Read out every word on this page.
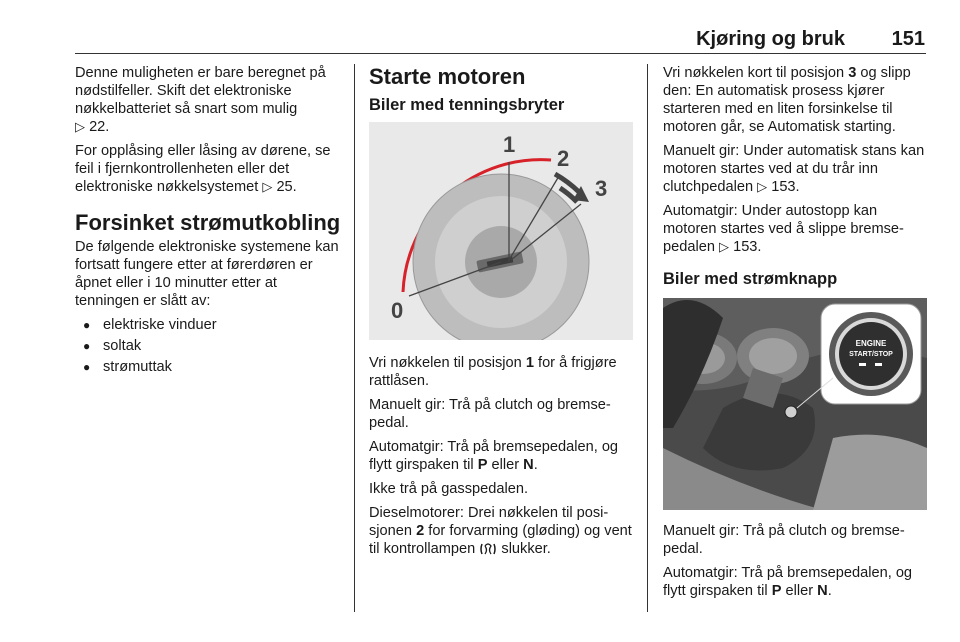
Kjøring og bruk 151

Denne muligheten er bare beregnet på nødstilfeller. Skift det elektroniske nøkkelbatteriet så snart som mulig
▷ 22.

For opplåsing eller låsing av dørene, se feil i fjernkontrollenheten eller det elektroniske nøkkelsystemet ▷ 25.

Forsinket strømutkobling

De følgende elektroniske systemene kan fortsatt fungere etter at førerdøren er åpnet eller i 10 minutter etter at tenningen er slått av:

● elektriske vinduer
● soltak
● strømuttak
Starte motoren
Biler med tenningsbryter
0
1
2
3

Vri nøkkelen til posisjon 1 for å frigjøre rattlåsen.

Manuelt gir: Trå på clutch og bremsepedal.

Automatgir: Trå på bremsepedalen, og flytt girspaken til P eller N.

Ikke trå på gasspedalen.

Dieselmotorer: Drei nøkkelen til posisjonen 2 for forvarming (gløding) og vent til kontrollampen slukker.

Vri nøkkelen kort til posisjon 3 og slipp den: En automatisk prosess kjører starteren med en liten forsinkelse til motoren går, se Automatisk starting.

Manuelt gir: Under automatisk stans kan motoren startes ved at du trår inn clutchpedalen ▷ 153.

Automatgir: Under autostopp kan motoren startes ved å slippe bremsepedalen ▷ 153.

Biler med strømknapp
ENGINE
START/STOP

Manuelt gir: Trå på clutch og bremsepedal.

Automatgir: Trå på bremsepedalen, og flytt girspaken til P eller N.
